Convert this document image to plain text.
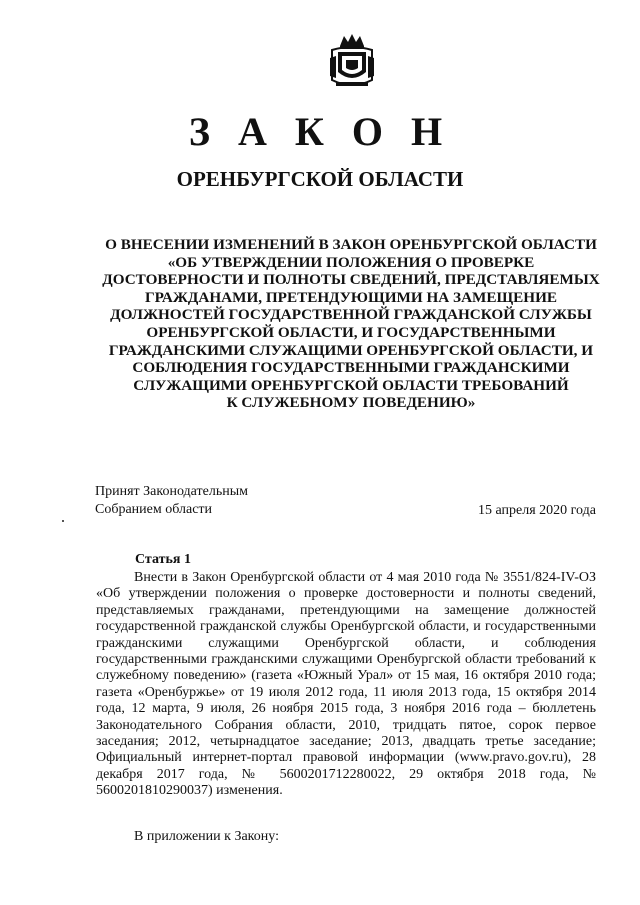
З А К О Н
ОРЕНБУРГСКОЙ ОБЛАСТИ
О ВНЕСЕНИИ ИЗМЕНЕНИЙ В ЗАКОН ОРЕНБУРГСКОЙ ОБЛАСТИ
«ОБ УТВЕРЖДЕНИИ ПОЛОЖЕНИЯ О ПРОВЕРКЕ
ДОСТОВЕРНОСТИ И ПОЛНОТЫ СВЕДЕНИЙ, ПРЕДСТАВЛЯЕМЫХ
ГРАЖДАНАМИ, ПРЕТЕНДУЮЩИМИ НА ЗАМЕЩЕНИЕ
ДОЛЖНОСТЕЙ ГОСУДАРСТВЕННОЙ ГРАЖДАНСКОЙ СЛУЖБЫ
ОРЕНБУРГСКОЙ ОБЛАСТИ, И ГОСУДАРСТВЕННЫМИ
ГРАЖДАНСКИМИ СЛУЖАЩИМИ ОРЕНБУРГСКОЙ ОБЛАСТИ, И
СОБЛЮДЕНИЯ ГОСУДАРСТВЕННЫМИ ГРАЖДАНСКИМИ
СЛУЖАЩИМИ ОРЕНБУРГСКОЙ ОБЛАСТИ ТРЕБОВАНИЙ
К СЛУЖЕБНОМУ ПОВЕДЕНИЮ»
Принят Законодательным
Собранием области	15 апреля 2020 года
Статья 1
Внести в Закон Оренбургской области от 4 мая 2010 года № 3551/824-IV-ОЗ «Об утверждении положения о проверке достоверности и полноты сведений, представляемых гражданами, претендующими на замещение должностей государственной гражданской службы Оренбургской области, и государственными гражданскими служащими Оренбургской области, и соблюдения государственными гражданскими служащими Оренбургской области требований к служебному поведению» (газета «Южный Урал» от 15 мая, 16 октября 2010 года; газета «Оренбуржье» от 19 июля 2012 года, 11 июля 2013 года, 15 октября 2014 года, 12 марта, 9 июля, 26 ноября 2015 года, 3 ноября 2016 года – бюллетень Законодательного Собрания области, 2010, тридцать пятое, сорок первое заседания; 2012, четырнадцатое заседание; 2013, двадцать третье заседание; Официальный интернет-портал правовой информации (www.pravo.gov.ru), 28 декабря 2017 года, № 5600201712280022, 29 октября 2018 года, № 5600201810290037) изменения.
В приложении к Закону:
